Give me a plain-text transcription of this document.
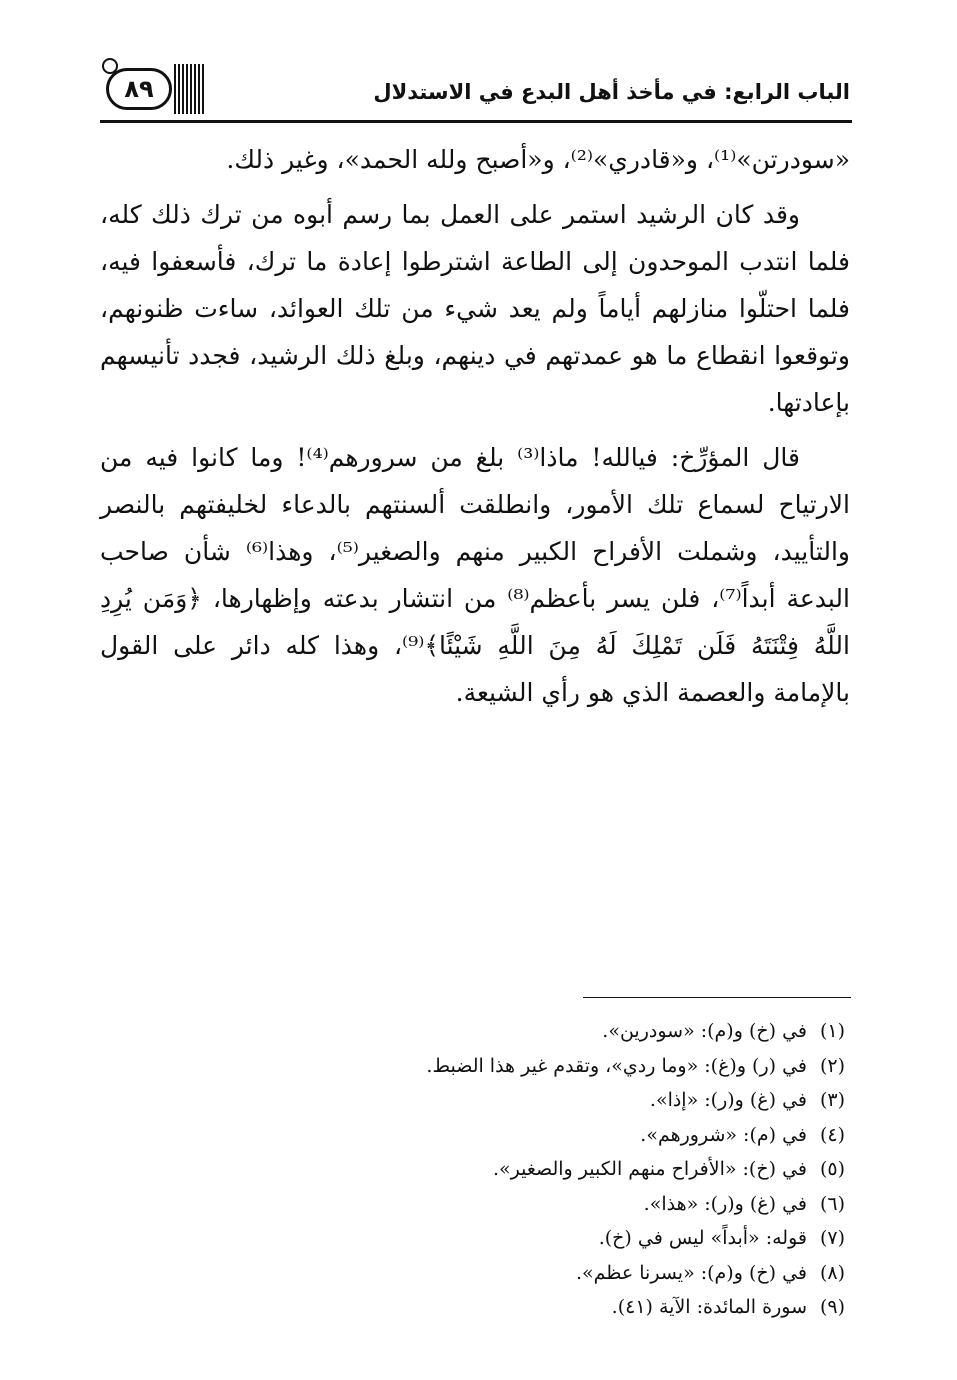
٨٩	الباب الرابع: في مأخذ أهل البدع في الاستدلال

«سودرتن»⁽¹⁾، و«قادري»⁽²⁾، و«أصبح ولله الحمد»، وغير ذلك.

وقد كان الرشيد استمر على العمل بما رسم أبوه من ترك ذلك كله، فلما انتدب الموحدون إلى الطاعة اشترطوا إعادة ما ترك، فأسعفوا فيه، فلما احتلّوا منازلهم أياماً ولم يعد شيء من تلك العوائد، ساءت ظنونهم، وتوقعوا انقطاع ما هو عمدتهم في دينهم، وبلغ ذلك الرشيد، فجدد تأنيسهم بإعادتها.

قال المؤرِّخ: فيالله! ماذا⁽³⁾ بلغ من سرورهم⁽⁴⁾! وما كانوا فيه من الارتياح لسماع تلك الأمور، وانطلقت ألسنتهم بالدعاء لخليفتهم بالنصر والتأييد، وشملت الأفراح الكبير منهم والصغير⁽⁵⁾، وهذا⁽⁶⁾ شأن صاحب البدعة أبداً⁽⁷⁾، فلن يسر بأعظم⁽⁸⁾ من انتشار بدعته وإظهارها، ﴿وَمَن يُرِدِ اللَّهُ فِتْنَتَهُ فَلَن تَمْلِكَ لَهُ مِنَ اللَّهِ شَيْئًا﴾⁽⁹⁾، وهذا كله دائر على القول بالإمامة والعصمة الذي هو رأي الشيعة.

(١)في (خ) و(م): «سودرين».
(٢)في (ر) و(غ): «وما ردي»، وتقدم غير هذا الضبط.
(٣)في (غ) و(ر): «إذا».
(٤)في (م): «شرورهم».
(٥)في (خ): «الأفراح منهم الكبير والصغير».
(٦)في (غ) و(ر): «هذا».
(٧)قوله: «أبداً» ليس في (خ).
(٨)في (خ) و(م): «يسرنا عظم».
(٩)سورة المائدة: الآية (٤١).
